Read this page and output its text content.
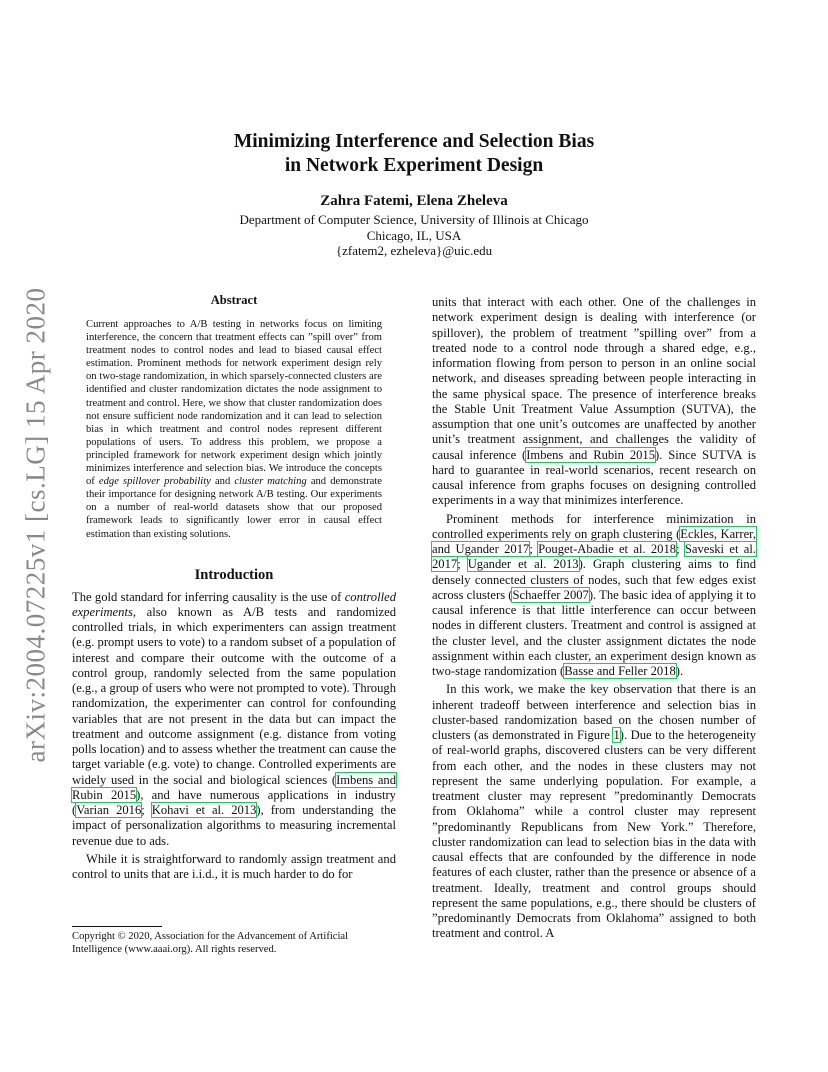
arXiv:2004.07225v1 [cs.LG] 15 Apr 2020
Minimizing Interference and Selection Bias
in Network Experiment Design
Zahra Fatemi, Elena Zheleva
Department of Computer Science, University of Illinois at Chicago
Chicago, IL, USA
{zfatem2, ezheleva}@uic.edu
Abstract
Current approaches to A/B testing in networks focus on limiting interference, the concern that treatment effects can ”spill over” from treatment nodes to control nodes and lead to biased causal effect estimation. Prominent methods for network experiment design rely on two-stage randomization, in which sparsely-connected clusters are identified and cluster randomization dictates the node assignment to treatment and control. Here, we show that cluster randomization does not ensure sufficient node randomization and it can lead to selection bias in which treatment and control nodes represent different populations of users. To address this problem, we propose a principled framework for network experiment design which jointly minimizes interference and selection bias. We introduce the concepts of edge spillover probability and cluster matching and demonstrate their importance for designing network A/B testing. Our experiments on a number of real-world datasets show that our proposed framework leads to significantly lower error in causal effect estimation than existing solutions.
Introduction

The gold standard for inferring causality is the use of controlled experiments, also known as A/B tests and randomized controlled trials, in which experimenters can assign treatment (e.g. prompt users to vote) to a random subset of a population of interest and compare their outcome with the outcome of a control group, randomly selected from the same population (e.g., a group of users who were not prompted to vote). Through randomization, the experimenter can control for confounding variables that are not present in the data but can impact the treatment and outcome assignment (e.g. distance from voting polls location) and to assess whether the treatment can cause the target variable (e.g. vote) to change. Controlled experiments are widely used in the social and biological sciences (Imbens and Rubin 2015), and have numerous applications in industry (Varian 2016; Kohavi et al. 2013), from understanding the impact of personalization algorithms to measuring incremental revenue due to ads.

While it is straightforward to randomly assign treatment and control to units that are i.i.d., it is much harder to do for

units that interact with each other. One of the challenges in network experiment design is dealing with interference (or spillover), the problem of treatment ”spilling over” from a treated node to a control node through a shared edge, e.g., information flowing from person to person in an online social network, and diseases spreading between people interacting in the same physical space. The presence of interference breaks the Stable Unit Treatment Value Assumption (SUTVA), the assumption that one unit’s outcomes are unaffected by another unit’s treatment assignment, and challenges the validity of causal inference (Imbens and Rubin 2015). Since SUTVA is hard to guarantee in real-world scenarios, recent research on causal inference from graphs focuses on designing controlled experiments in a way that minimizes interference.

Prominent methods for interference minimization in controlled experiments rely on graph clustering (Eckles, Karrer, and Ugander 2017; Pouget-Abadie et al. 2018; Saveski et al. 2017; Ugander et al. 2013). Graph clustering aims to find densely connected clusters of nodes, such that few edges exist across clusters (Schaeffer 2007). The basic idea of applying it to causal inference is that little interference can occur between nodes in different clusters. Treatment and control is assigned at the cluster level, and the cluster assignment dictates the node assignment within each cluster, an experiment design known as two-stage randomization (Basse and Feller 2018).

In this work, we make the key observation that there is an inherent tradeoff between interference and selection bias in cluster-based randomization based on the chosen number of clusters (as demonstrated in Figure 1). Due to the heterogeneity of real-world graphs, discovered clusters can be very different from each other, and the nodes in these clusters may not represent the same underlying population. For example, a treatment cluster may represent ”predominantly Democrats from Oklahoma” while a control cluster may represent ”predominantly Republicans from New York.” Therefore, cluster randomization can lead to selection bias in the data with causal effects that are confounded by the difference in node features of each cluster, rather than the presence or absence of a treatment. Ideally, treatment and control groups should represent the same populations, e.g., there should be clusters of ”predominantly Democrats from Oklahoma” assigned to both treatment and control. A

Copyright © 2020, Association for the Advancement of Artificial

Intelligence (www.aaai.org). All rights reserved.
